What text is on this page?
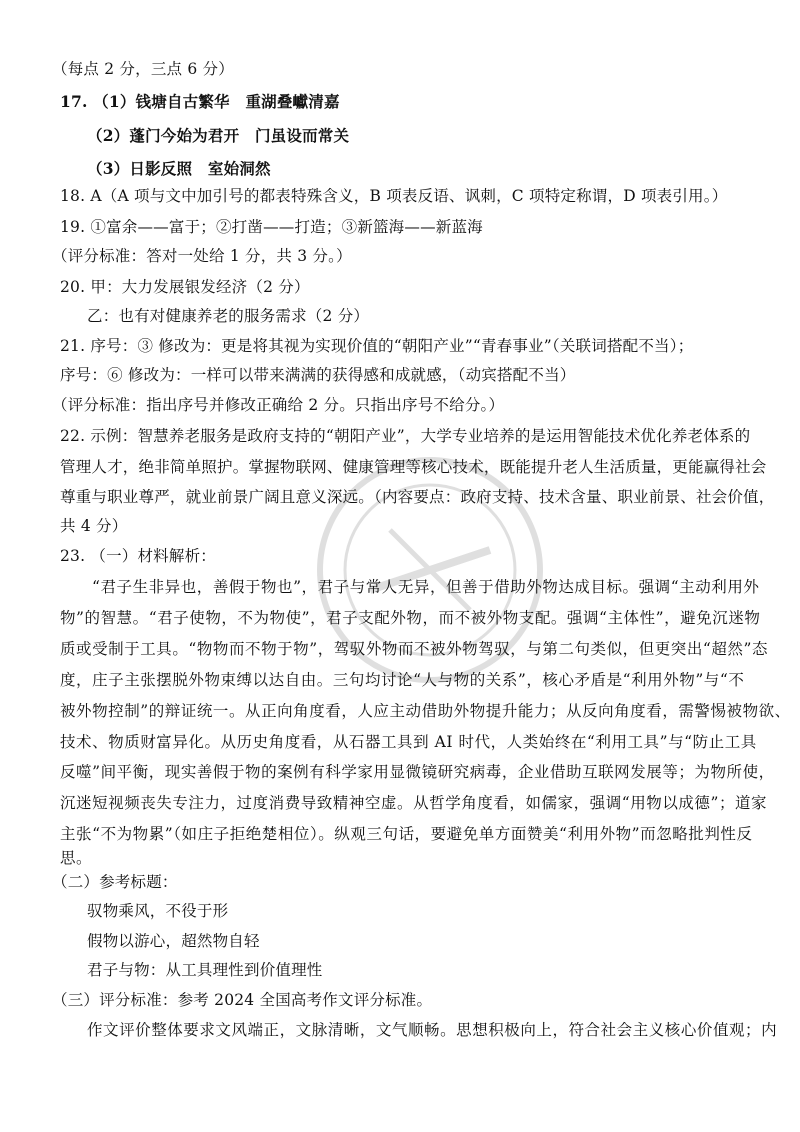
（每点 2 分，三点 6 分）
17. （1）钱塘自古繁华　重湖叠巘清嘉
（2）蓬门今始为君开　门虽设而常关
（3）日影反照　室始洞然
18. A（A 项与文中加引号的都表特殊含义，B 项表反语、讽刺，C 项特定称谓，D 项表引用。）
19. ①富余——富于；②打凿——打造；③新篮海——新蓝海
（评分标准：答对一处给 1 分，共 3 分。）
20. 甲：大力发展银发经济（2 分）
乙：也有对健康养老的服务需求（2 分）
21. 序号：③ 修改为：更是将其视为实现价值的“朝阳产业”“青春事业”（关联词搭配不当）；
序号：⑥ 修改为：一样可以带来满满的获得感和成就感，（动宾搭配不当）
（评分标准：指出序号并修改正确给 2 分。只指出序号不给分。）
22. 示例：智慧养老服务是政府支持的“朝阳产业”，大学专业培养的是运用智能技术优化养老体系的
管理人才，绝非简单照护。掌握物联网、健康管理等核心技术，既能提升老人生活质量，更能赢得社会
尊重与职业尊严，就业前景广阔且意义深远。（内容要点：政府支持、技术含量、职业前景、社会价值，
共 4 分）
23. （一）材料解析：
“君子生非异也，善假于物也”，君子与常人无异，但善于借助外物达成目标。强调“主动利用外
物”的智慧。“君子使物，不为物使”，君子支配外物，而不被外物支配。强调“主体性”，避免沉迷物
质或受制于工具。“物物而不物于物”，驾驭外物而不被外物驾驭，与第二句类似，但更突出“超然”态
度，庄子主张摆脱外物束缚以达自由。三句均讨论“人与物的关系”，核心矛盾是“利用外物”与“不
被外物控制”的辩证统一。从正向角度看，人应主动借助外物提升能力；从反向角度看，需警惕被物欲、
技术、物质财富异化。从历史角度看，从石器工具到 AI 时代，人类始终在“利用工具”与“防止工具
反噬”间平衡，现实善假于物的案例有科学家用显微镜研究病毒，企业借助互联网发展等；为物所使，
沉迷短视频丧失专注力，过度消费导致精神空虚。从哲学角度看，如儒家，强调“用物以成德”；道家
主张“不为物累”（如庄子拒绝楚相位）。纵观三句话，要避免单方面赞美“利用外物”而忽略批判性反
思。
（二）参考标题：
驭物乘风，不役于形
假物以游心，超然物自轻
君子与物：从工具理性到价值理性
（三）评分标准：参考 2024 全国高考作文评分标准。
作文评价整体要求文风端正，文脉清晰，文气顺畅。思想积极向上，符合社会主义核心价值观；内
